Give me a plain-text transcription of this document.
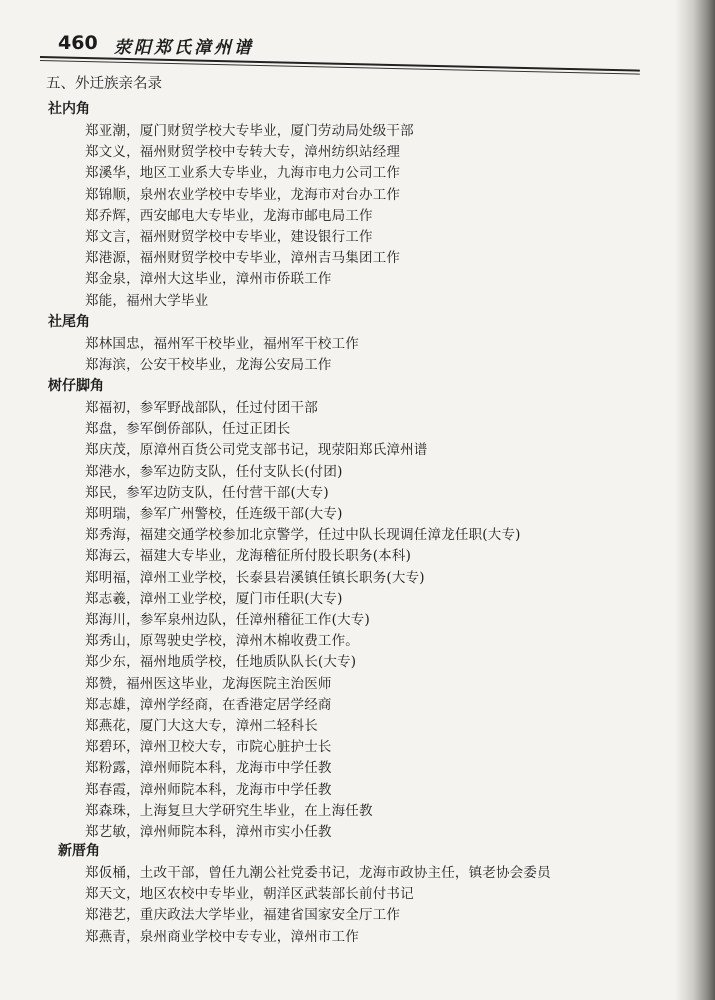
460 荥阳郑氏漳州谱
五、外迁族亲名录
社内角
郑亚潮，厦门财贸学校大专毕业，厦门劳动局处级干部
郑文义，福州财贸学校中专转大专，漳州纺织站经理
郑溪华，地区工业系大专毕业，九海市电力公司工作
郑锦顺，泉州农业学校中专毕业，龙海市对台办工作
郑乔辉，西安邮电大专毕业，龙海市邮电局工作
郑文言，福州财贸学校中专毕业，建设银行工作
郑港源，福州财贸学校中专毕业，漳州吉马集团工作
郑金泉，漳州大这毕业，漳州市侨联工作
郑能，福州大学毕业
社尾角
郑林国忠，福州军干校毕业，福州军干校工作
郑海滨，公安干校毕业，龙海公安局工作
树仔脚角
郑福初，参军野战部队，任过付团干部
郑盘，参军倒侨部队，任过正团长
郑庆茂，原漳州百货公司党支部书记，现荥阳郑氏漳州谱
郑港水，参军边防支队，任付支队长(付团)
郑民，参军边防支队，任付营干部(大专)
郑明瑞，参军广州警校，任连级干部(大专)
郑秀海，福建交通学校参加北京警学，任过中队长现调任漳龙任职(大专)
郑海云，福建大专毕业，龙海稽征所付股长职务(本科)
郑明福，漳州工业学校，长泰县岩溪镇任镇长职务(大专)
郑志羲，漳州工业学校，厦门市任职(大专)
郑海川，参军泉州边队，任漳州稽征工作(大专)
郑秀山，原驾驶史学校，漳州木棉收费工作。
郑少东，福州地质学校，任地质队队长(大专)
郑赞，福州医这毕业，龙海医院主治医师
郑志雄，漳州学经商，在香港定居学经商
郑燕花，厦门大这大专，漳州二轻科长
郑碧环，漳州卫校大专，市院心脏护士长
郑粉露，漳州师院本科，龙海市中学任教
郑春霞，漳州师院本科，龙海市中学任教
郑森珠，上海复旦大学研究生毕业，在上海任教
郑艺敏，漳州师院本科，漳州市实小任教
新厝角
郑仮桶，土改干部，曾任九潮公社党委书记，龙海市政协主任，镇老协会委员
郑天文，地区农校中专毕业，朝洋区武装部长前付书记
郑港艺，重庆政法大学毕业，福建省国家安全厅工作
郑燕青，泉州商业学校中专专业，漳州市工作
